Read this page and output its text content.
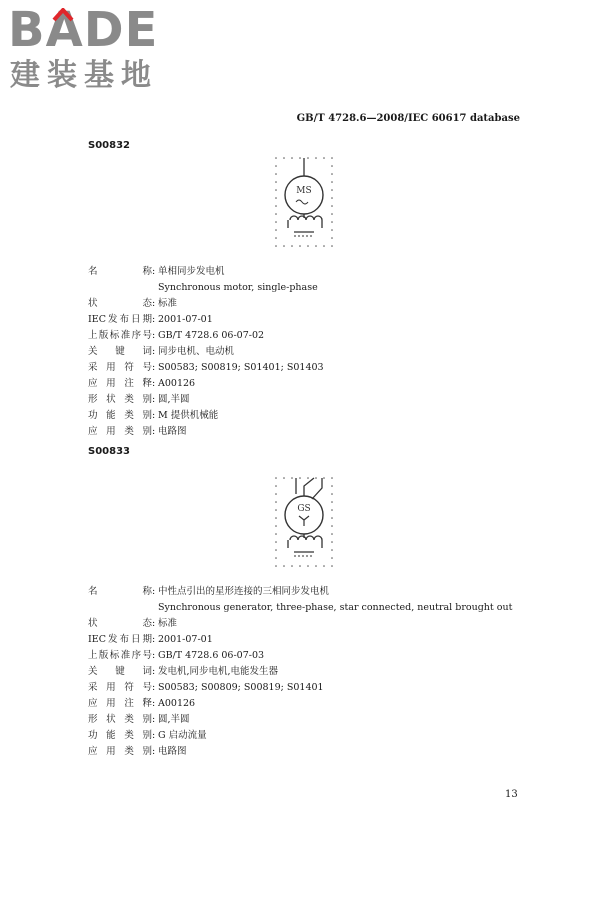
BA
DE
建装基地
GB/T 4728.6—2008/IEC 60617 database
S00832
MS
名称: 单相同步发电机
Synchronous motor, single-phase
状态: 标准
IEC发布日期: 2001-07-01
上版标准序号: GB/T 4728.6 06-07-02
关键词: 同步电机、电动机
采用符号: S00583; S00819; S01401; S01403
应用注释: A00126
形状类别: 圆,半圆
功能类别: M 提供机械能
应用类别: 电路图
S00833
GS
名称: 中性点引出的星形连接的三相同步发电机
Synchronous generator, three-phase, star connected, neutral brought out
状态: 标准
IEC发布日期: 2001-07-01
上版标准序号: GB/T 4728.6 06-07-03
关键词: 发电机,同步电机,电能发生器
采用符号: S00583; S00809; S00819; S01401
应用注释: A00126
形状类别: 圆,半圆
功能类别: G 启动流量
应用类别: 电路图
13
